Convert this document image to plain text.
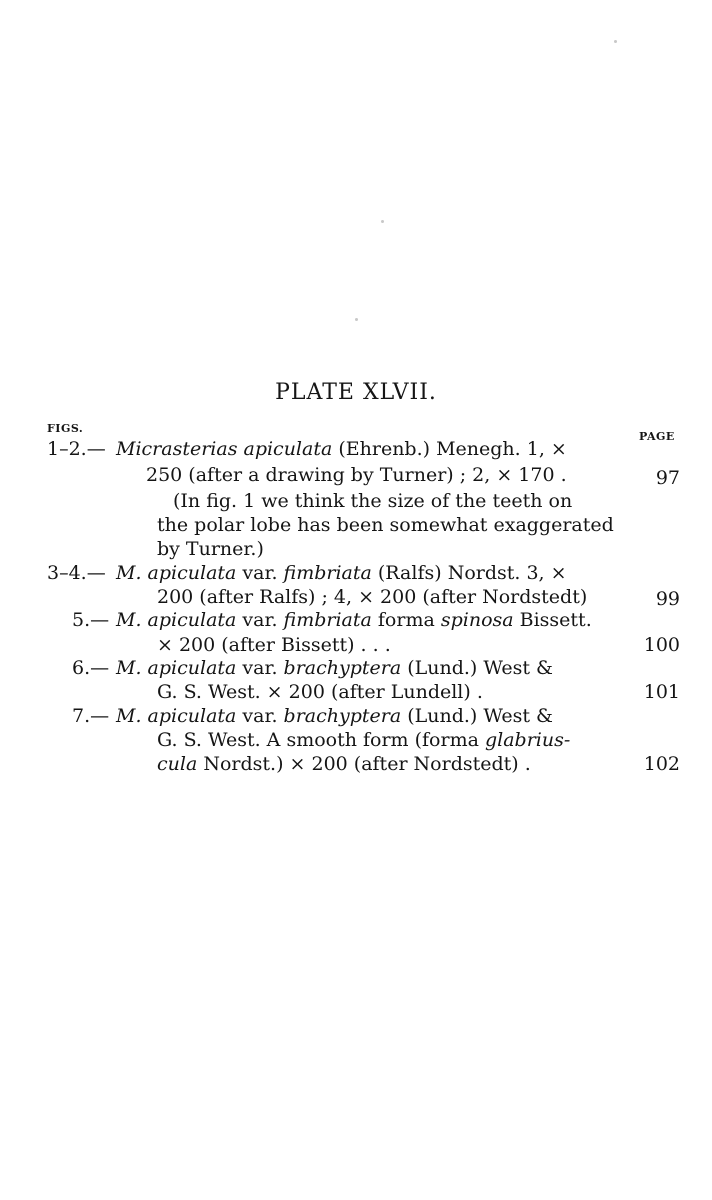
PLATE XLVII.
FIGS.
PAGE
1–2.— Micrasterias apiculata (Ehrenb.) Menegh. 1, ×
250 (after a drawing by Turner) ; 2, × 170 .	97
(In fig. 1 we think the size of the teeth on
the polar lobe has been somewhat exaggerated
by Turner.)
3–4.— M. apiculata var. fimbriata (Ralfs) Nordst. 3, ×
200 (after Ralfs) ; 4, × 200 (after Nordstedt)	99
5.— M. apiculata var. fimbriata forma spinosa Bissett.
× 200 (after Bissett) . . .	100
6.— M. apiculata var. brachyptera (Lund.) West &
G. S. West. × 200 (after Lundell) .	101
7.— M. apiculata var. brachyptera (Lund.) West &
G. S. West. A smooth form (forma glabrius-
cula Nordst.) × 200 (after Nordstedt) .	102
